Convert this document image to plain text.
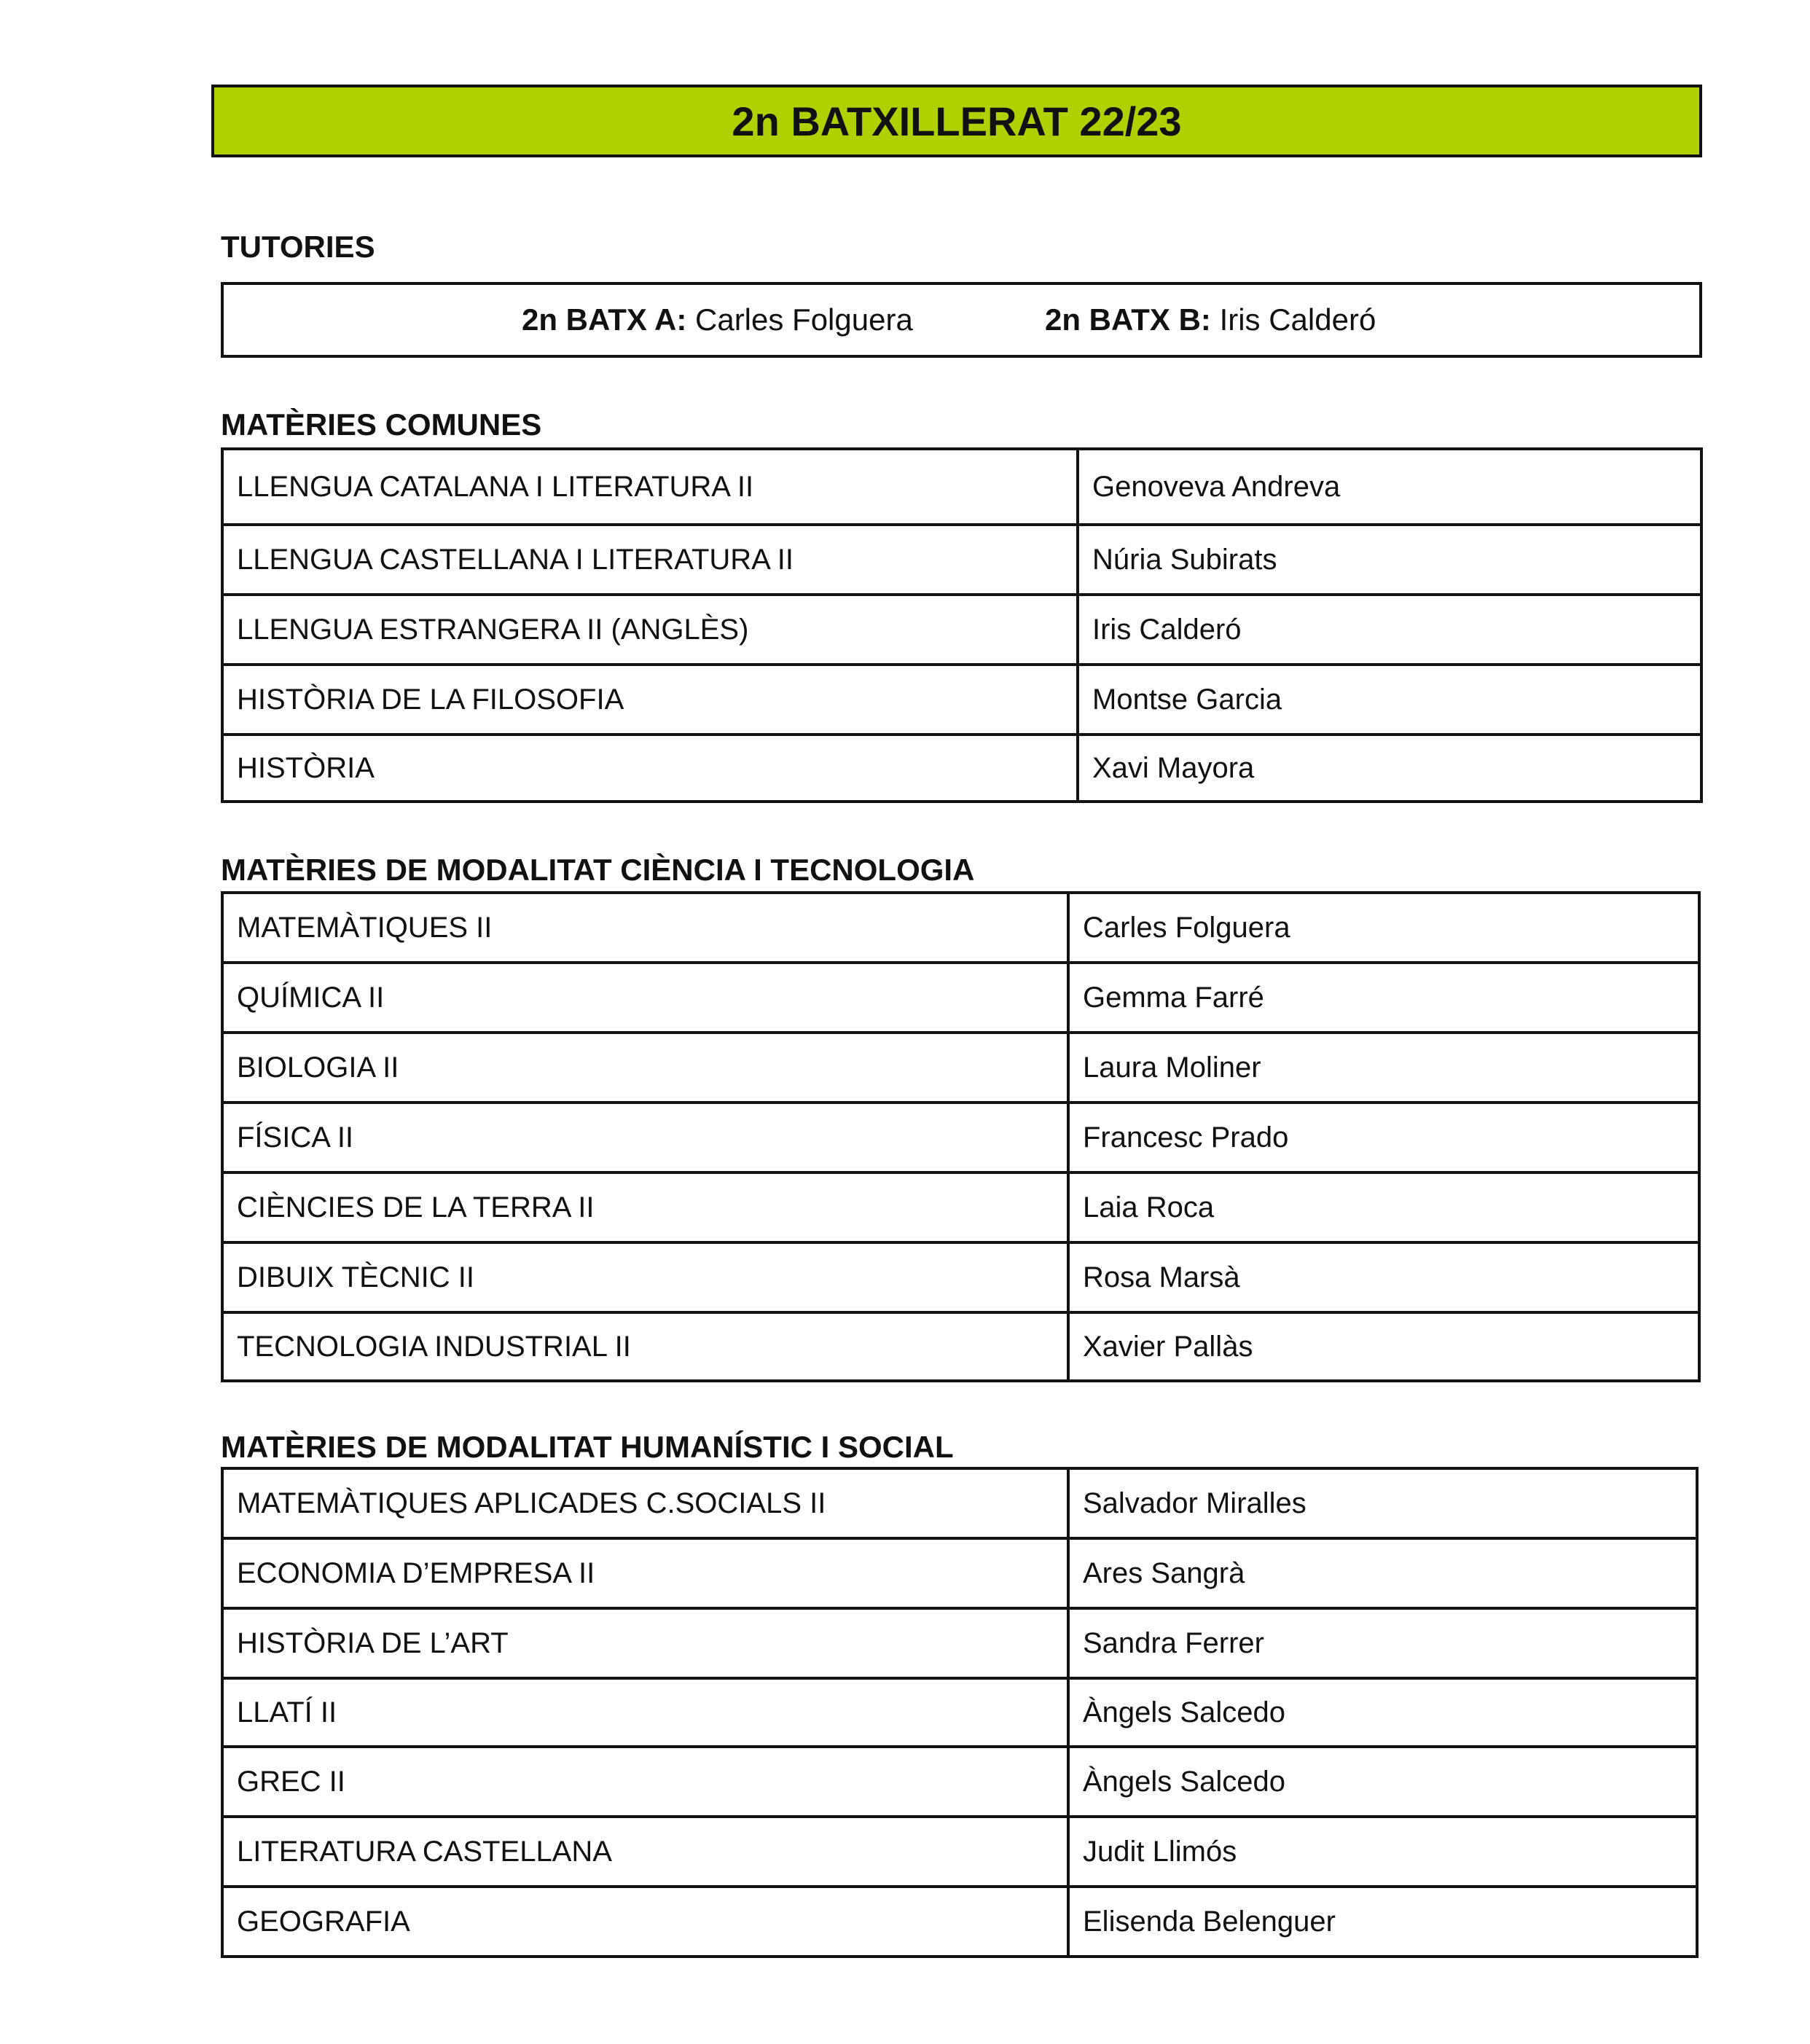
2n BATXILLERAT 22/23
TUTORIES
2n BATX A: Carles Folguera	2n BATX B: Iris Calderó
MATÈRIES COMUNES
LLENGUA CATALANA I LITERATURA II	Genoveva Andreva
LLENGUA CASTELLANA I LITERATURA II	Núria Subirats
LLENGUA ESTRANGERA II (ANGLÈS)	Iris Calderó
HISTÒRIA DE LA FILOSOFIA	Montse Garcia
HISTÒRIA	Xavi Mayora
MATÈRIES DE MODALITAT CIÈNCIA I TECNOLOGIA
MATEMÀTIQUES II	Carles Folguera
QUÍMICA II	Gemma Farré
BIOLOGIA II	Laura Moliner
FÍSICA II	Francesc Prado
CIÈNCIES DE LA TERRA II	Laia Roca
DIBUIX TÈCNIC II	Rosa Marsà
TECNOLOGIA INDUSTRIAL II	Xavier Pallàs
MATÈRIES DE MODALITAT HUMANÍSTIC I SOCIAL
MATEMÀTIQUES APLICADES C.SOCIALS II	Salvador Miralles
ECONOMIA D’EMPRESA II	Ares Sangrà
HISTÒRIA DE L’ART	Sandra Ferrer
LLATÍ II	Àngels Salcedo
GREC II	Àngels Salcedo
LITERATURA CASTELLANA	Judit Llimós
GEOGRAFIA	Elisenda Belenguer
